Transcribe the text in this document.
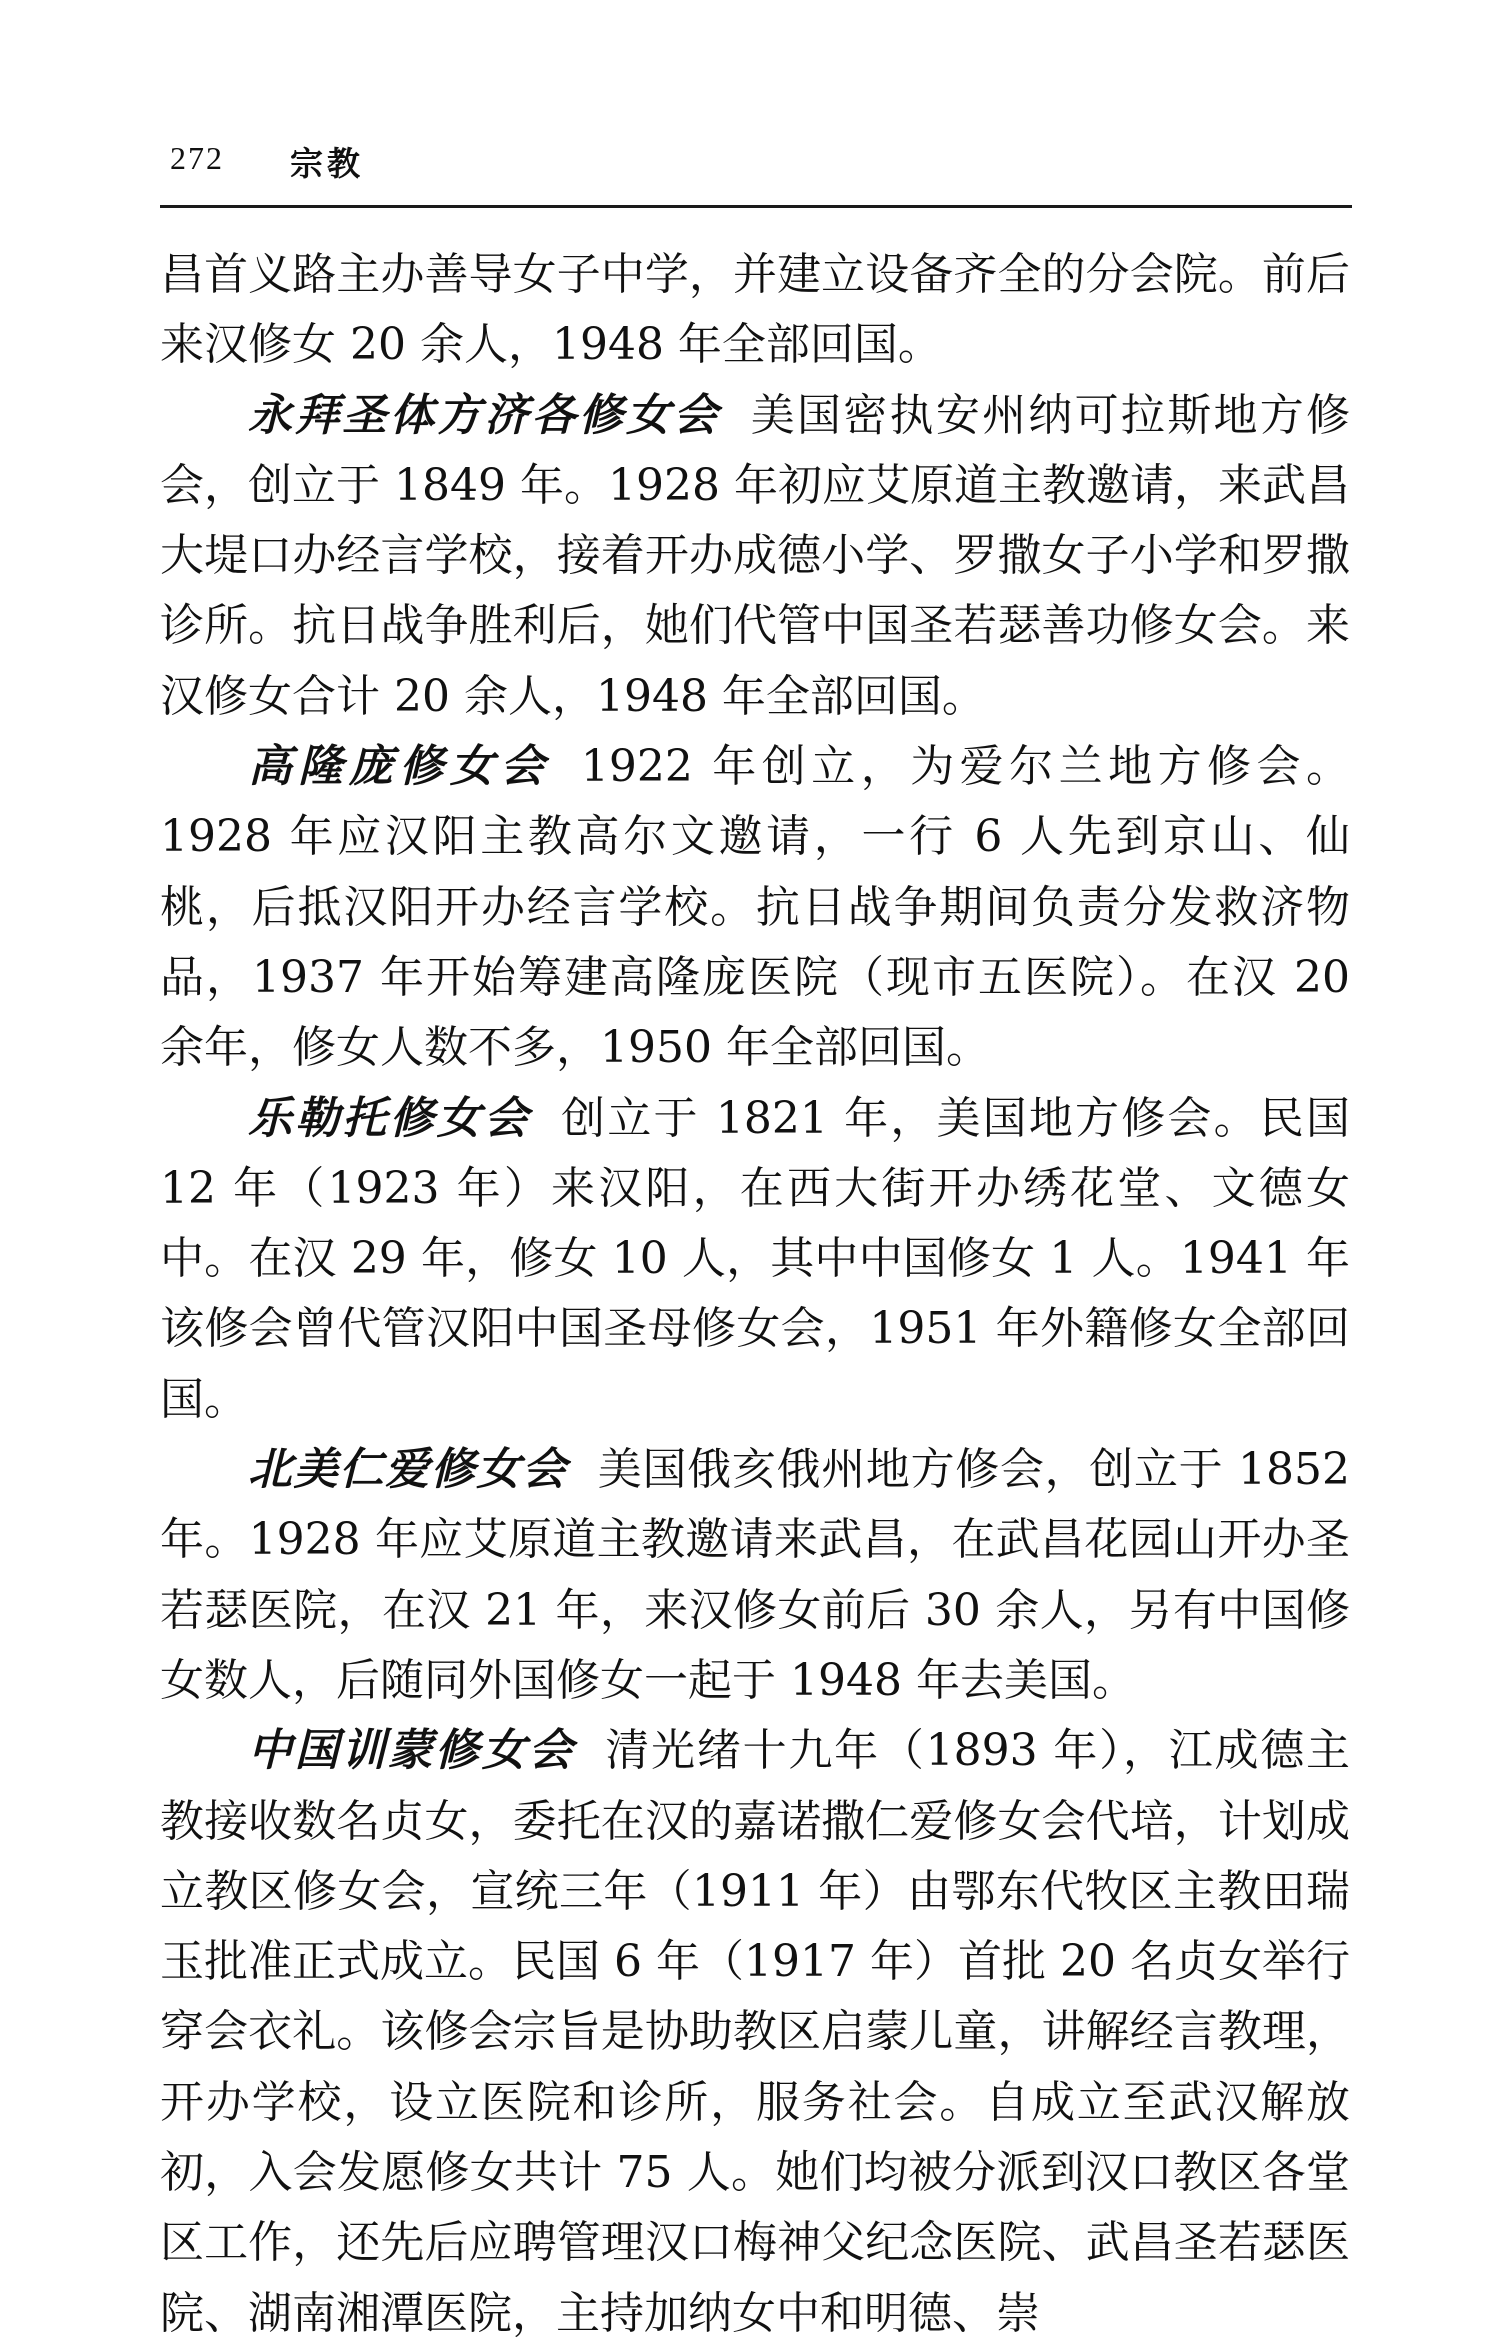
272 宗教

昌首义路主办善导女子中学，并建立设备齐全的分会院。前后来汉修女 20 余人，1948 年全部回国。

永拜圣体方济各修女会 美国密执安州纳可拉斯地方修会，创立于 1849 年。1928 年初应艾原道主教邀请，来武昌大堤口办经言学校，接着开办成德小学、罗撒女子小学和罗撒诊所。抗日战争胜利后，她们代管中国圣若瑟善功修女会。来汉修女合计 20 余人，1948 年全部回国。

高隆庞修女会 1922 年创立，为爱尔兰地方修会。1928 年应汉阳主教高尔文邀请，一行 6 人先到京山、仙桃，后抵汉阳开办经言学校。抗日战争期间负责分发救济物品，1937 年开始筹建高隆庞医院（现市五医院）。在汉 20 余年，修女人数不多，1950 年全部回国。

乐勒托修女会 创立于 1821 年，美国地方修会。民国 12 年（1923 年）来汉阳，在西大街开办绣花堂、文德女中。在汉 29 年，修女 10 人，其中中国修女 1 人。1941 年该修会曾代管汉阳中国圣母修女会，1951 年外籍修女全部回国。

北美仁爱修女会 美国俄亥俄州地方修会，创立于 1852 年。1928 年应艾原道主教邀请来武昌，在武昌花园山开办圣若瑟医院，在汉 21 年，来汉修女前后 30 余人，另有中国修女数人，后随同外国修女一起于 1948 年去美国。

中国训蒙修女会 清光绪十九年（1893 年），江成德主教接收数名贞女，委托在汉的嘉诺撒仁爱修女会代培，计划成立教区修女会，宣统三年（1911 年）由鄂东代牧区主教田瑞玉批准正式成立。民国 6 年（1917 年）首批 20 名贞女举行穿会衣礼。该修会宗旨是协助教区启蒙儿童，讲解经言教理，开办学校，设立医院和诊所，服务社会。自成立至武汉解放初，入会发愿修女共计 75 人。她们均被分派到汉口教区各堂区工作，还先后应聘管理汉口梅神父纪念医院、武昌圣若瑟医院、湖南湘潭医院，主持加纳女中和明德、崇
